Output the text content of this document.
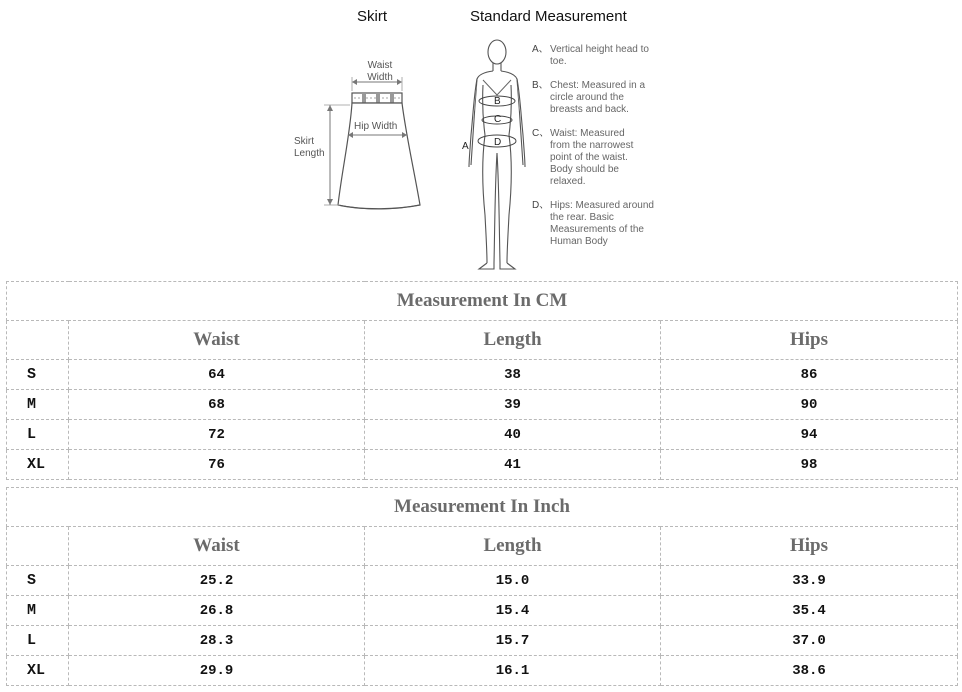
Skirt	Standard Measurement
Waist Width
Hip Width
Skirt Length
B
C
D
A
A、 Vertical height head to toe.
B、 Chest: Measured in a circle around the breasts and back.
C、 Waist: Measured from the narrowest point of the waist. Body should be relaxed.
D、 Hips: Measured around the rear. Basic Measurements of the Human Body
Measurement In CM			
	Waist	Length	Hips
S	64	38	86
M	68	39	90
L	72	40	94
XL	76	41	98
Measurement In Inch			
	Waist	Length	Hips
S	25.2	15.0	33.9
M	26.8	15.4	35.4
L	28.3	15.7	37.0
XL	29.9	16.1	38.6
